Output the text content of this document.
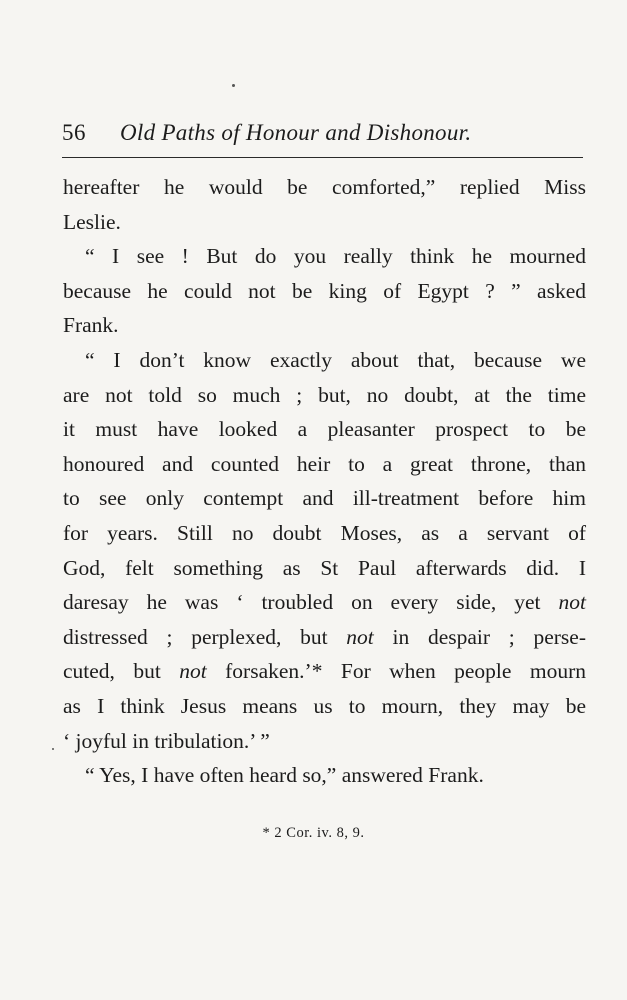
56	Old Paths of Honour and Dishonour.
hereafter he would be comforted,” replied Miss
Leslie.
“ I see ! But do you really think he mourned
because he could not be king of Egypt ? ” asked
Frank.
“ I don’t know exactly about that, because we
are not told so much ; but, no doubt, at the time
it must have looked a pleasanter prospect to be
honoured and counted heir to a great throne, than
to see only contempt and ill-treatment before him
for years. Still no doubt Moses, as a servant of
God, felt something as St Paul afterwards did. I
daresay he was ‘ troubled on every side, yet not
distressed ; perplexed, but not in despair ; perse-
cuted, but not forsaken.’* For when people mourn
as I think Jesus means us to mourn, they may be
‘ joyful in tribulation.’ ”
“ Yes, I have often heard so,” answered Frank.
* 2 Cor. iv. 8, 9.
